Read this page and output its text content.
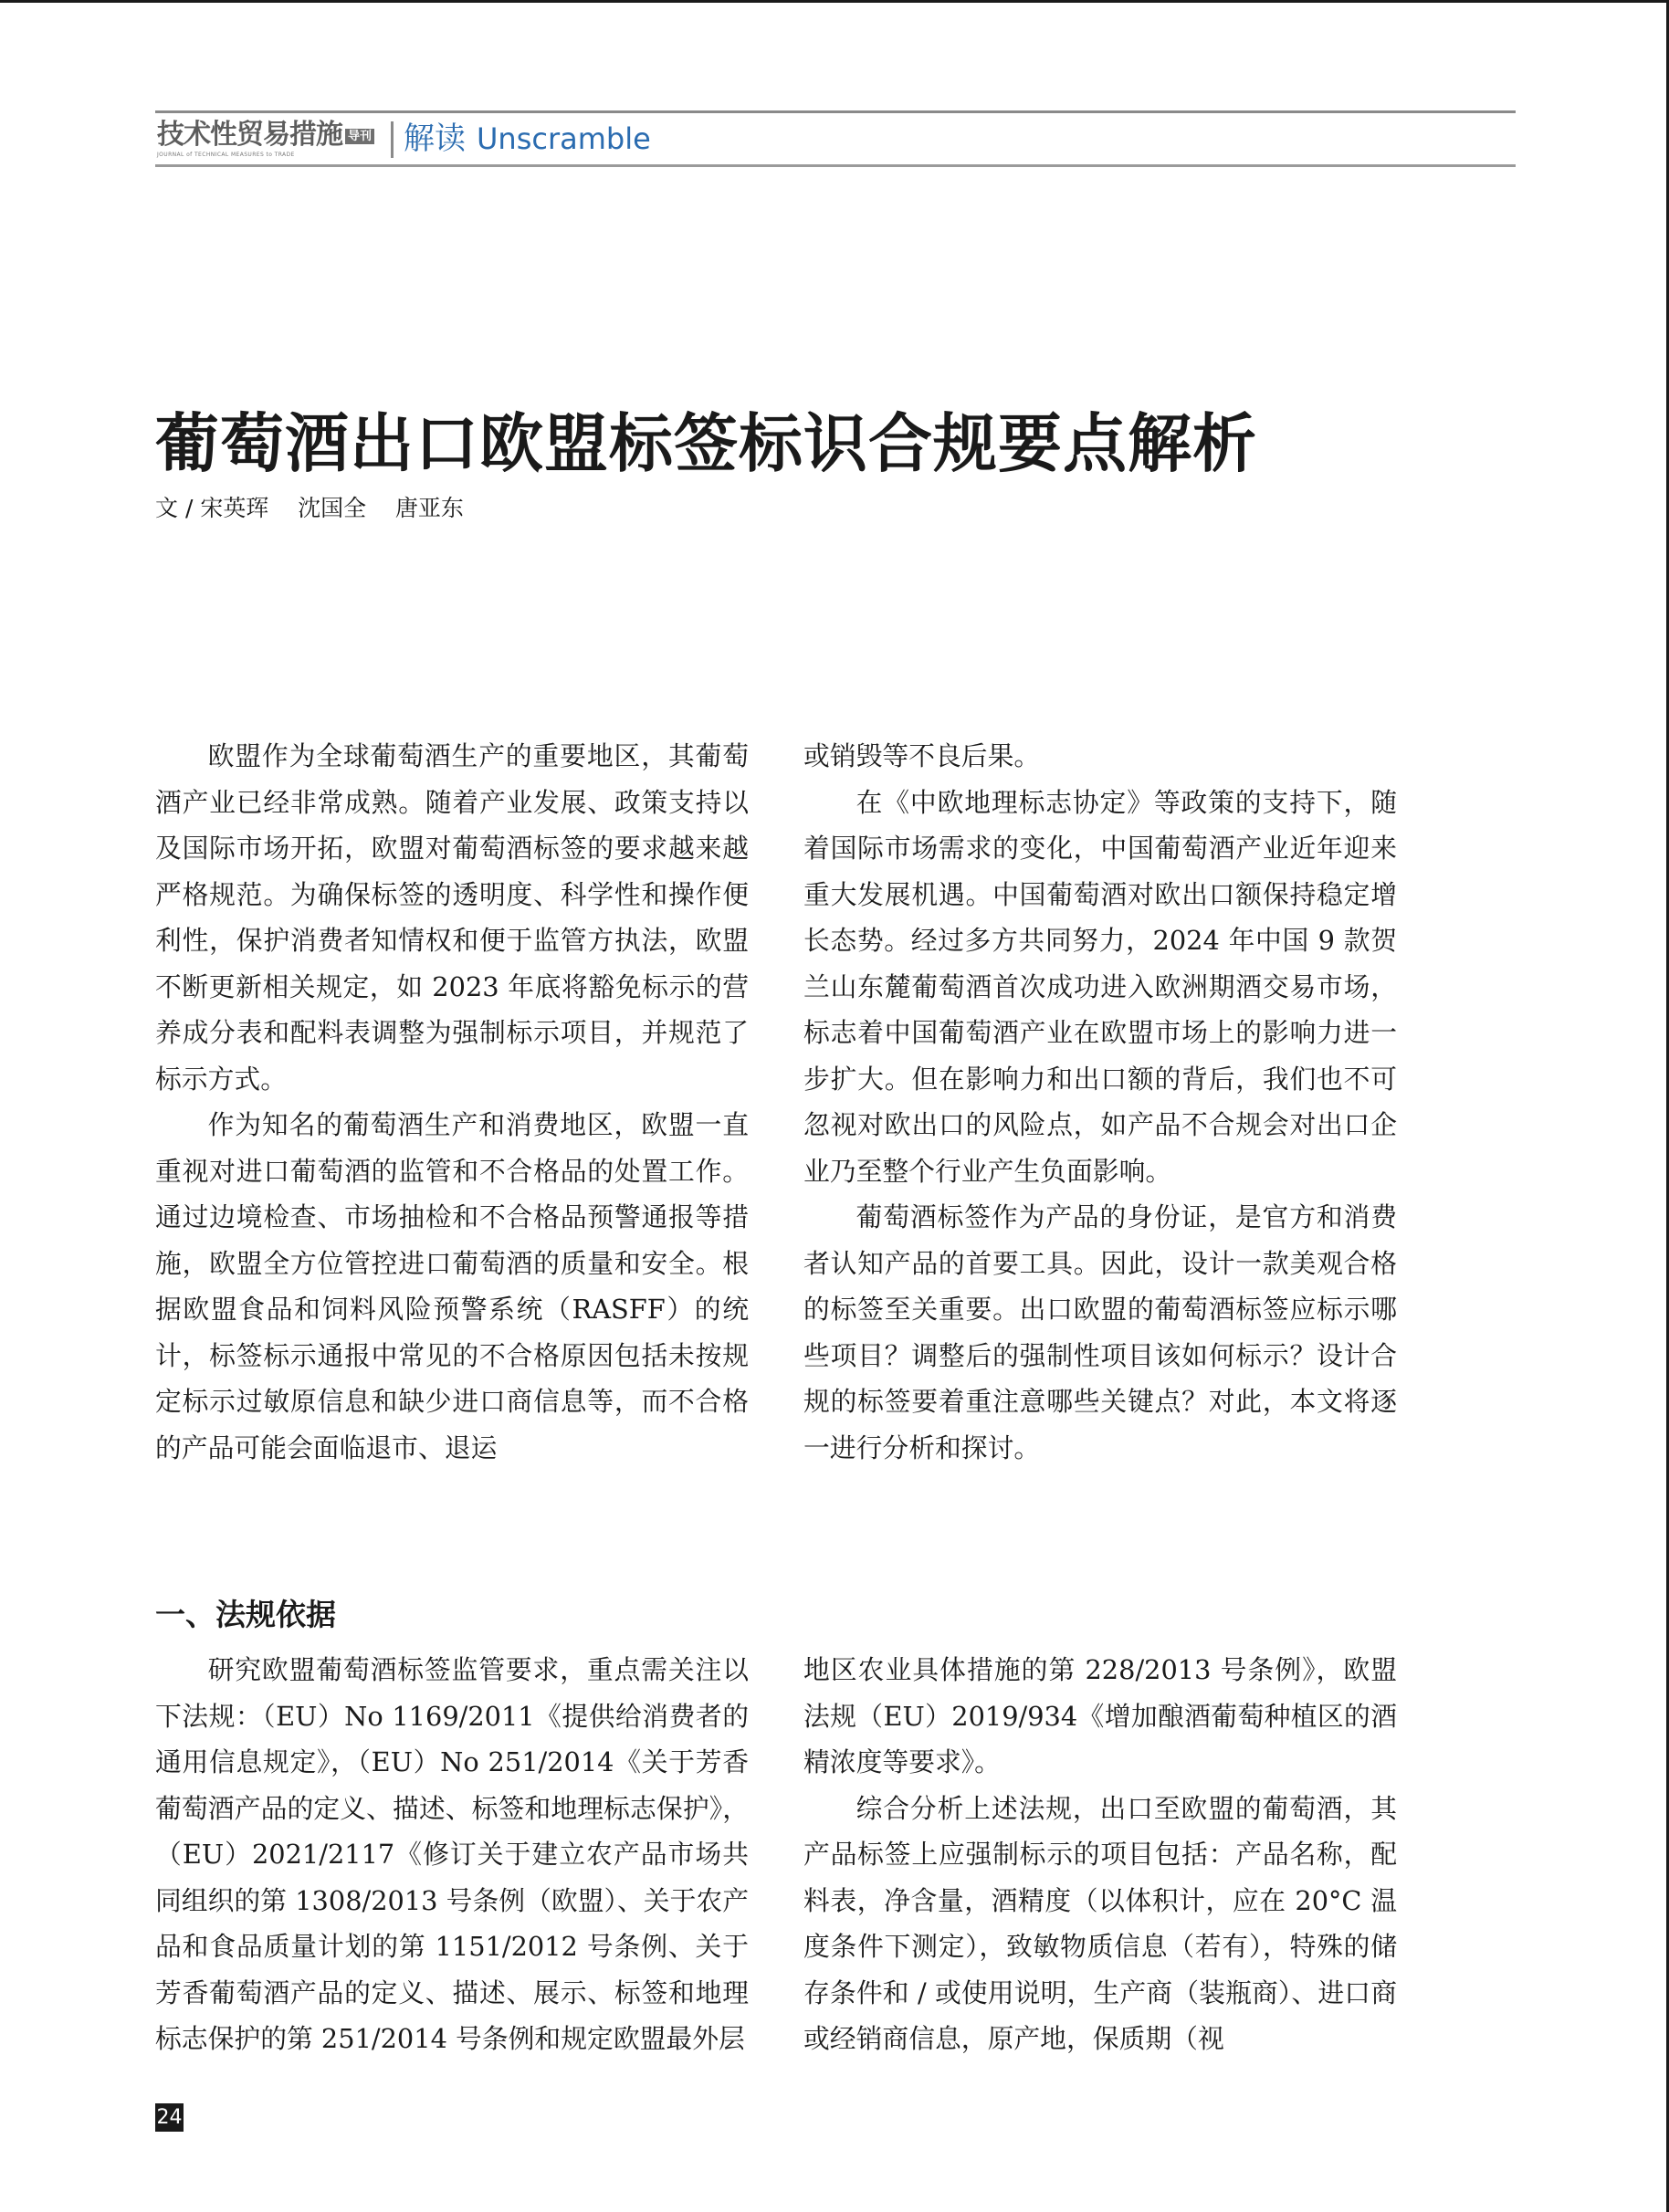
技术性贸易措施 导刊
JOURNAL of TECHNICAL MEASURES to TRADE	解读 Unscramble
葡萄酒出口欧盟标签标识合规要点解析
文 / 宋英珲    沈国全    唐亚东

欧盟作为全球葡萄酒生产的重要地区，其葡萄酒产业已经非常成熟。随着产业发展、政策支持以及国际市场开拓，欧盟对葡萄酒标签的要求越来越严格规范。为确保标签的透明度、科学性和操作便利性，保护消费者知情权和便于监管方执法，欧盟不断更新相关规定，如 2023 年底将豁免标示的营养成分表和配料表调整为强制标示项目，并规范了标示方式。

作为知名的葡萄酒生产和消费地区，欧盟一直重视对进口葡萄酒的监管和不合格品的处置工作。通过边境检查、市场抽检和不合格品预警通报等措施，欧盟全方位管控进口葡萄酒的质量和安全。根据欧盟食品和饲料风险预警系统（RASFF）的统计，标签标示通报中常见的不合格原因包括未按规定标示过敏原信息和缺少进口商信息等，而不合格的产品可能会面临退市、退运

或销毁等不良后果。

在《中欧地理标志协定》等政策的支持下，随着国际市场需求的变化，中国葡萄酒产业近年迎来重大发展机遇。中国葡萄酒对欧出口额保持稳定增长态势。经过多方共同努力，2024 年中国 9 款贺兰山东麓葡萄酒首次成功进入欧洲期酒交易市场，标志着中国葡萄酒产业在欧盟市场上的影响力进一步扩大。但在影响力和出口额的背后，我们也不可忽视对欧出口的风险点，如产品不合规会对出口企业乃至整个行业产生负面影响。

葡萄酒标签作为产品的身份证，是官方和消费者认知产品的首要工具。因此，设计一款美观合格的标签至关重要。出口欧盟的葡萄酒标签应标示哪些项目？调整后的强制性项目该如何标示？设计合规的标签要着重注意哪些关键点？对此，本文将逐一进行分析和探讨。

一、法规依据

研究欧盟葡萄酒标签监管要求，重点需关注以下法规：（EU）No 1169/2011《提供给消费者的通用信息规定》，（EU）No 251/2014《关于芳香葡萄酒产品的定义、描述、标签和地理标志保护》，（EU）2021/2117《修订关于建立农产品市场共同组织的第 1308/2013 号条例（欧盟）、关于农产品和食品质量计划的第 1151/2012 号条例、关于芳香葡萄酒产品的定义、描述、展示、标签和地理标志保护的第 251/2014 号条例和规定欧盟最外层

地区农业具体措施的第 228/2013 号条例》，欧盟法规（EU）2019/934《增加酿酒葡萄种植区的酒精浓度等要求》。

综合分析上述法规，出口至欧盟的葡萄酒，其产品标签上应强制标示的项目包括：产品名称，配料表，净含量，酒精度（以体积计，应在 20°C 温度条件下测定），致敏物质信息（若有），特殊的储存条件和 / 或使用说明，生产商（装瓶商）、进口商或经销商信息，原产地，保质期（视

24
